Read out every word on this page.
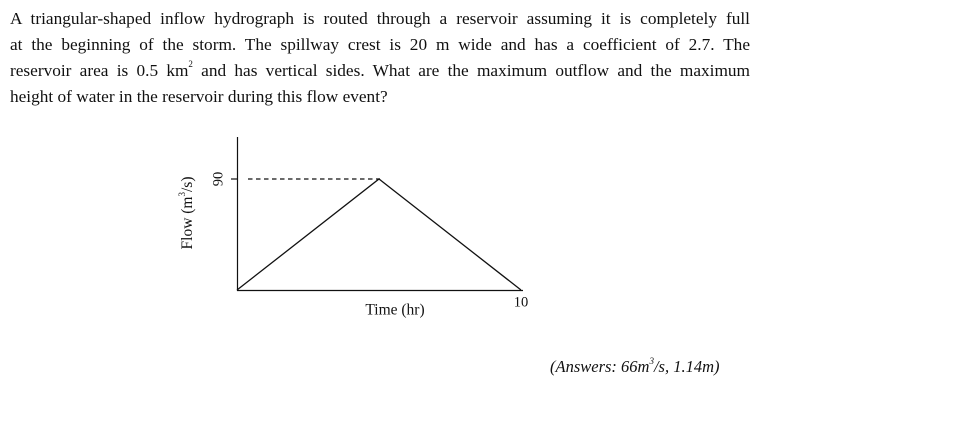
A triangular-shaped inflow hydrograph is routed through a reservoir assuming it is completely full
at the beginning of the storm. The spillway crest is 20 m wide and has a coefficient of 2.7. The
reservoir area is 0.5 $km^2$ and has vertical sides. What are the maximum outflow and the maximum
height of water in the reservoir during this flow event?
90
10
Time (hr)
Flow $(m^3/s)$
(Answers: $66m^3/s$, 1.14m)
